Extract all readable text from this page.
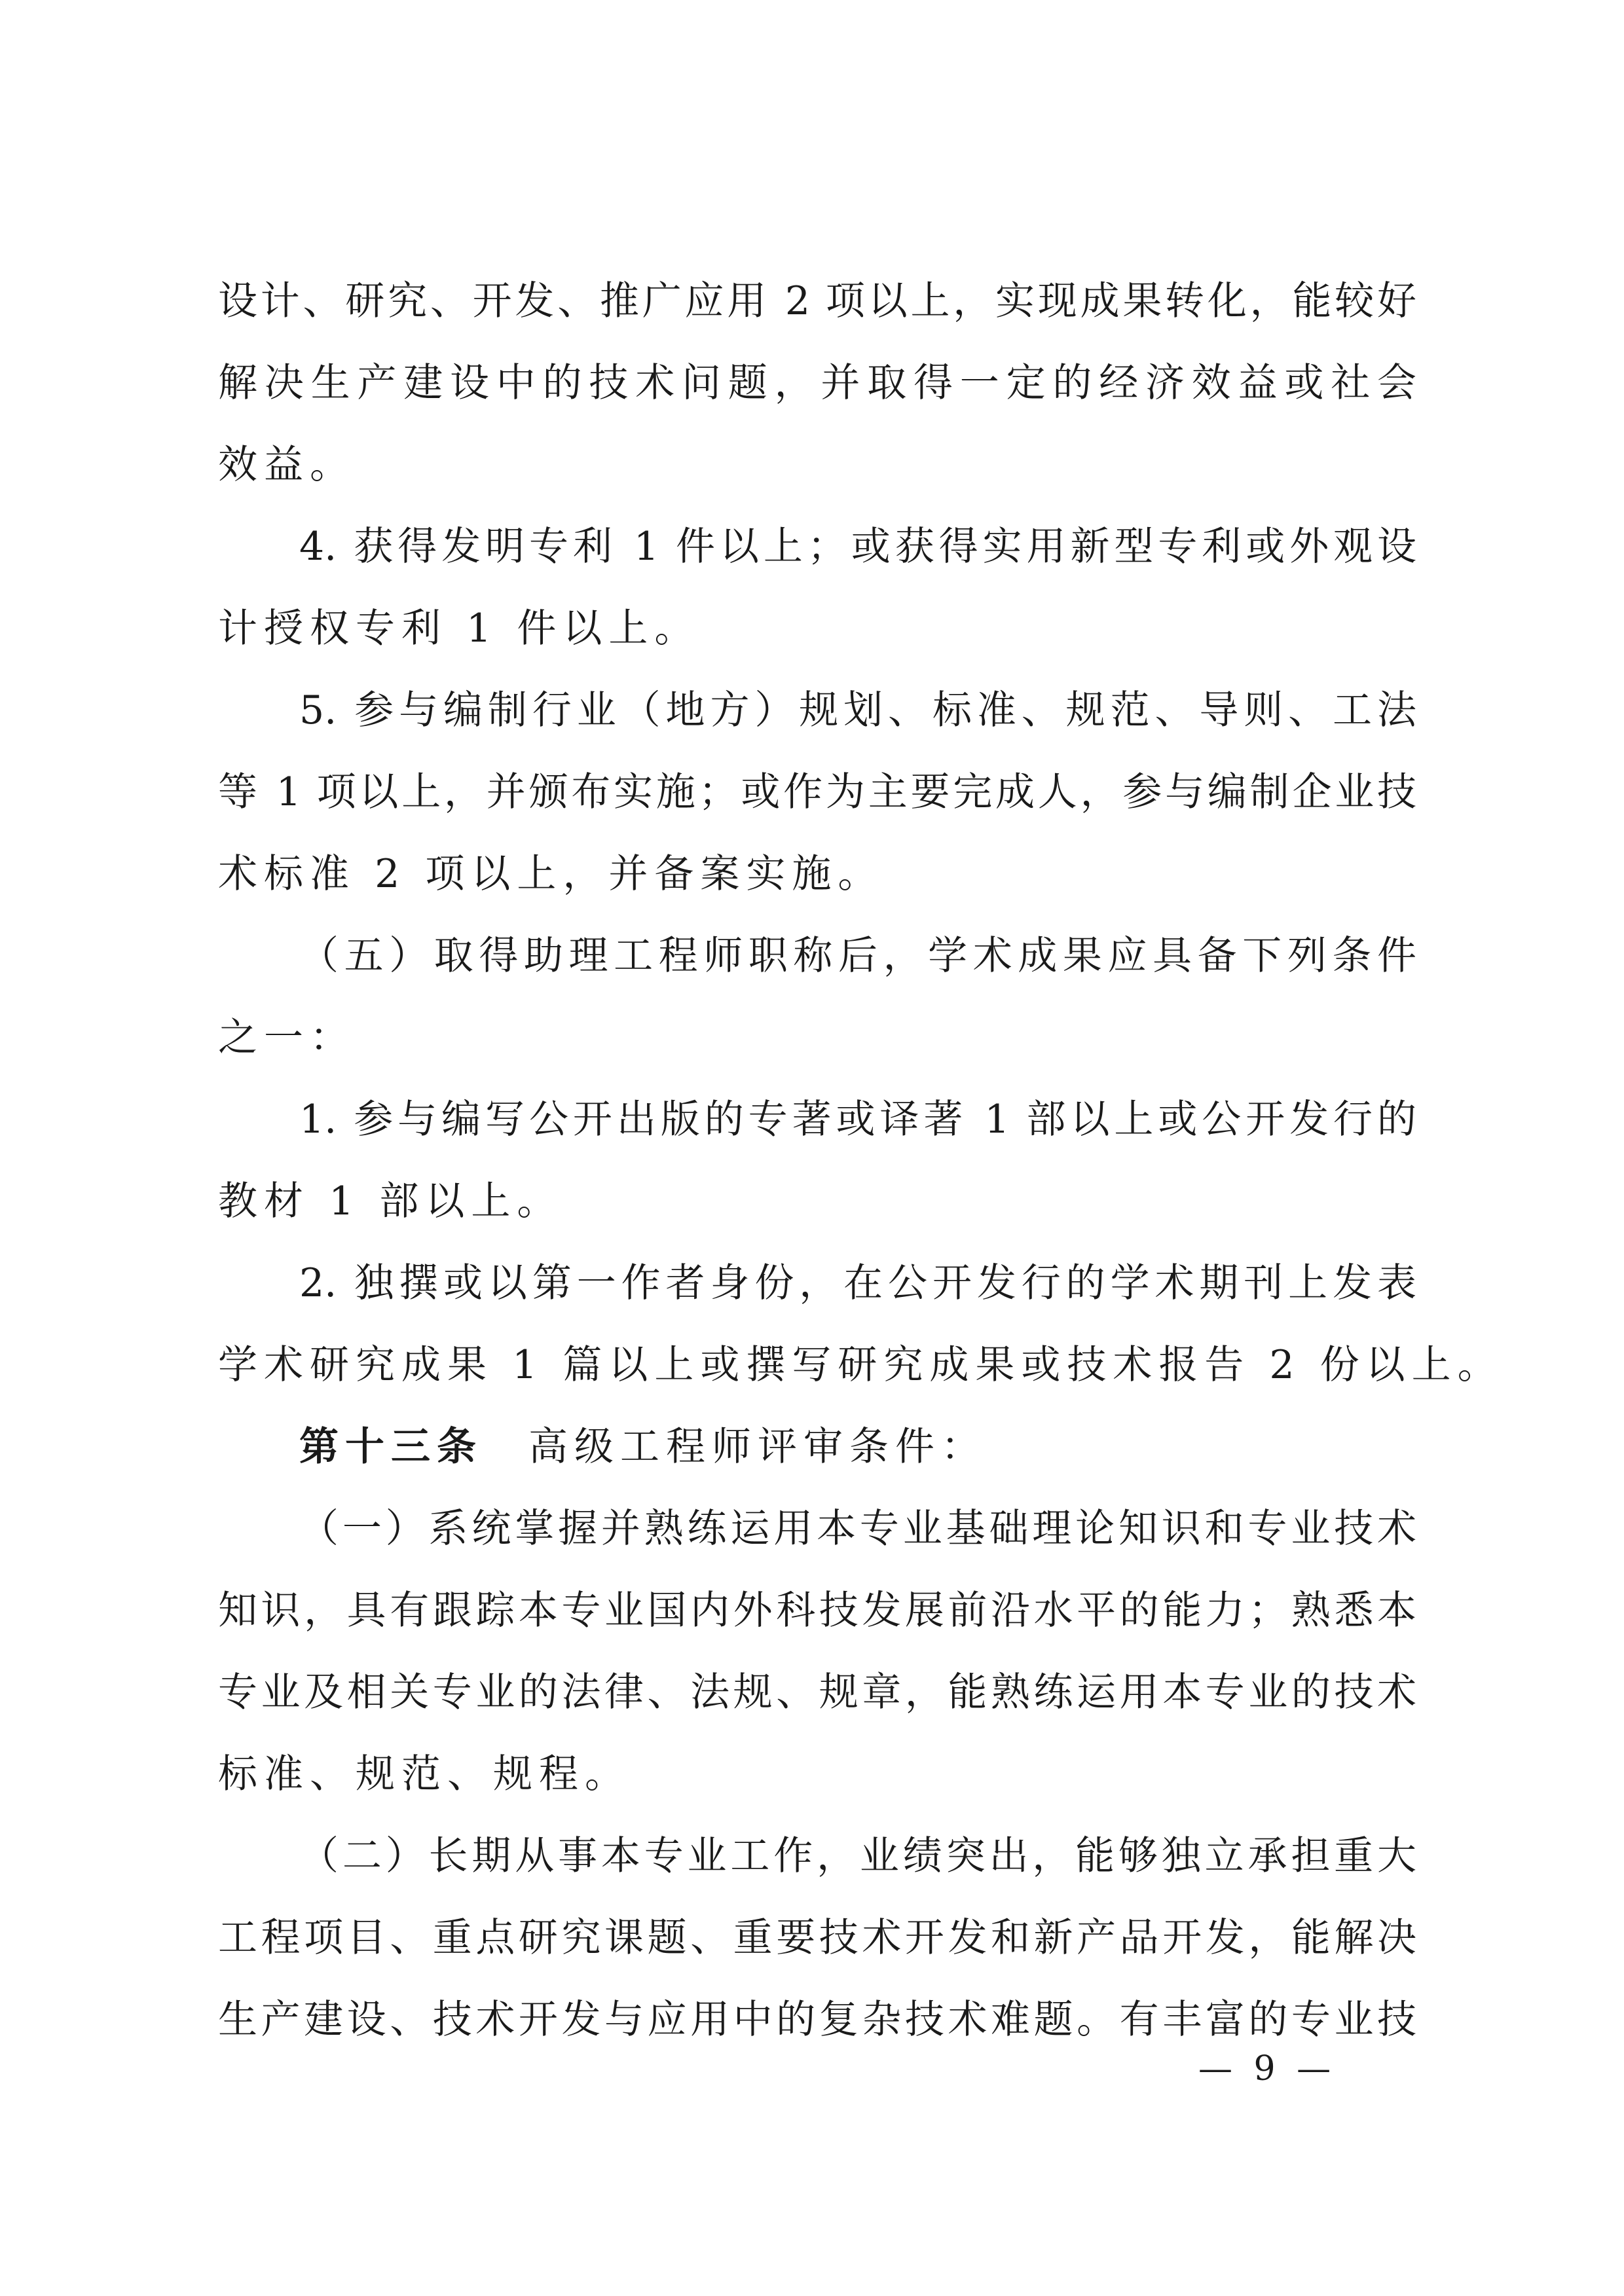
设计、研究、开发、推广应用 2 项以上，实现成果转化，能较好
解决生产建设中的技术问题，并取得一定的经济效益或社会
效益。
4. 获得发明专利 1 件以上；或获得实用新型专利或外观设
计授权专利 1 件以上。
5. 参与编制行业（地方）规划、标准、规范、导则、工法
等 1 项以上，并颁布实施；或作为主要完成人，参与编制企业技
术标准 2 项以上，并备案实施。
（五）取得助理工程师职称后，学术成果应具备下列条件
之一：
1. 参与编写公开出版的专著或译著 1 部以上或公开发行的
教材 1 部以上。
2. 独撰或以第一作者身份，在公开发行的学术期刊上发表
学术研究成果 1 篇以上或撰写研究成果或技术报告 2 份以上。
第十三条 高级工程师评审条件：
（一）系统掌握并熟练运用本专业基础理论知识和专业技术
知识，具有跟踪本专业国内外科技发展前沿水平的能力；熟悉本
专业及相关专业的法律、法规、规章，能熟练运用本专业的技术
标准、规范、规程。
（二）长期从事本专业工作，业绩突出，能够独立承担重大
工程项目、重点研究课题、重要技术开发和新产品开发，能解决
生产建设、技术开发与应用中的复杂技术难题。有丰富的专业技
— 9 —
